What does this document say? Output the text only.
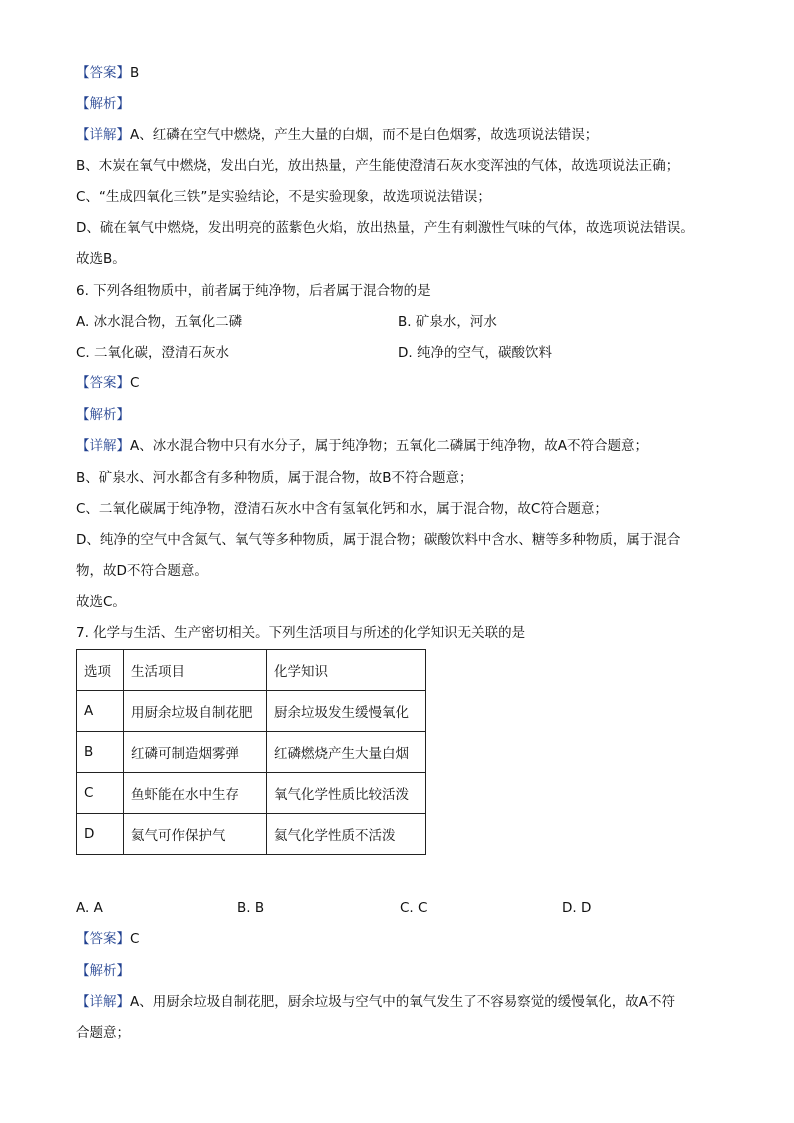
【答案】B
【解析】
【详解】A、红磷在空气中燃烧，产生大量的白烟，而不是白色烟雾，故选项说法错误；
B、木炭在氧气中燃烧，发出白光，放出热量，产生能使澄清石灰水变浑浊的气体，故选项说法正确；
C、“生成四氧化三铁”是实验结论，不是实验现象，故选项说法错误；
D、硫在氧气中燃烧，发出明亮的蓝紫色火焰，放出热量，产生有刺激性气味的气体，故选项说法错误。
故选B。
6. 下列各组物质中，前者属于纯净物，后者属于混合物的是
A. 冰水混合物，五氧化二磷	B. 矿泉水，河水
C. 二氧化碳，澄清石灰水	D. 纯净的空气，碳酸饮料
【答案】C
【解析】
【详解】A、冰水混合物中只有水分子，属于纯净物；五氧化二磷属于纯净物，故A不符合题意；
B、矿泉水、河水都含有多种物质，属于混合物，故B不符合题意；
C、二氧化碳属于纯净物，澄清石灰水中含有氢氧化钙和水，属于混合物，故C符合题意；
D、纯净的空气中含氮气、氧气等多种物质，属于混合物；碳酸饮料中含水、糖等多种物质，属于混合
物，故D不符合题意。
故选C。
7. 化学与生活、生产密切相关。下列生活项目与所述的化学知识无关联的是
选项	生活项目	化学知识
A	用厨余垃圾自制花肥	厨余垃圾发生缓慢氧化
B	红磷可制造烟雾弹	红磷燃烧产生大量白烟
C	鱼虾能在水中生存	氧气化学性质比较活泼
D	氦气可作保护气	氦气化学性质不活泼
A. A	B. B	C. C	D. D
【答案】C
【解析】
【详解】A、用厨余垃圾自制花肥，厨余垃圾与空气中的氧气发生了不容易察觉的缓慢氧化，故A不符
合题意；
